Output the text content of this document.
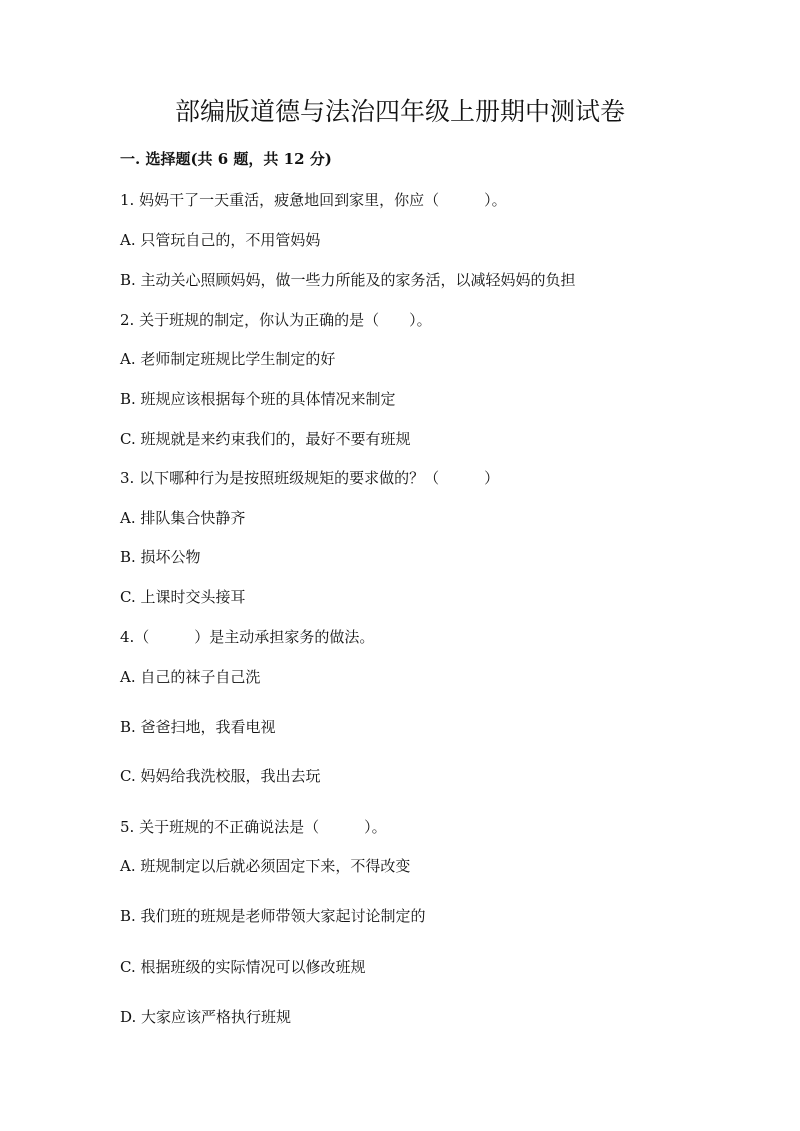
部编版道德与法治四年级上册期中测试卷
一. 选择题(共 6 题，共 12 分)
1. 妈妈干了一天重活，疲惫地回到家里，你应（　　　）。
A. 只管玩自己的，不用管妈妈
B. 主动关心照顾妈妈，做一些力所能及的家务活，以减轻妈妈的负担
2. 关于班规的制定，你认为正确的是（　　）。
A. 老师制定班规比学生制定的好
B. 班规应该根据每个班的具体情况来制定
C. 班规就是来约束我们的，最好不要有班规
3. 以下哪种行为是按照班级规矩的要求做的？（　　　）
A. 排队集合快静齐
B. 损坏公物
C. 上课时交头接耳
4.（　　　）是主动承担家务的做法。
A. 自己的袜子自己洗
B. 爸爸扫地，我看电视
C. 妈妈给我洗校服，我出去玩
5. 关于班规的不正确说法是（　　　）。
A. 班规制定以后就必须固定下来，不得改变
B. 我们班的班规是老师带领大家起讨论制定的
C. 根据班级的实际情况可以修改班规
D. 大家应该严格执行班规
